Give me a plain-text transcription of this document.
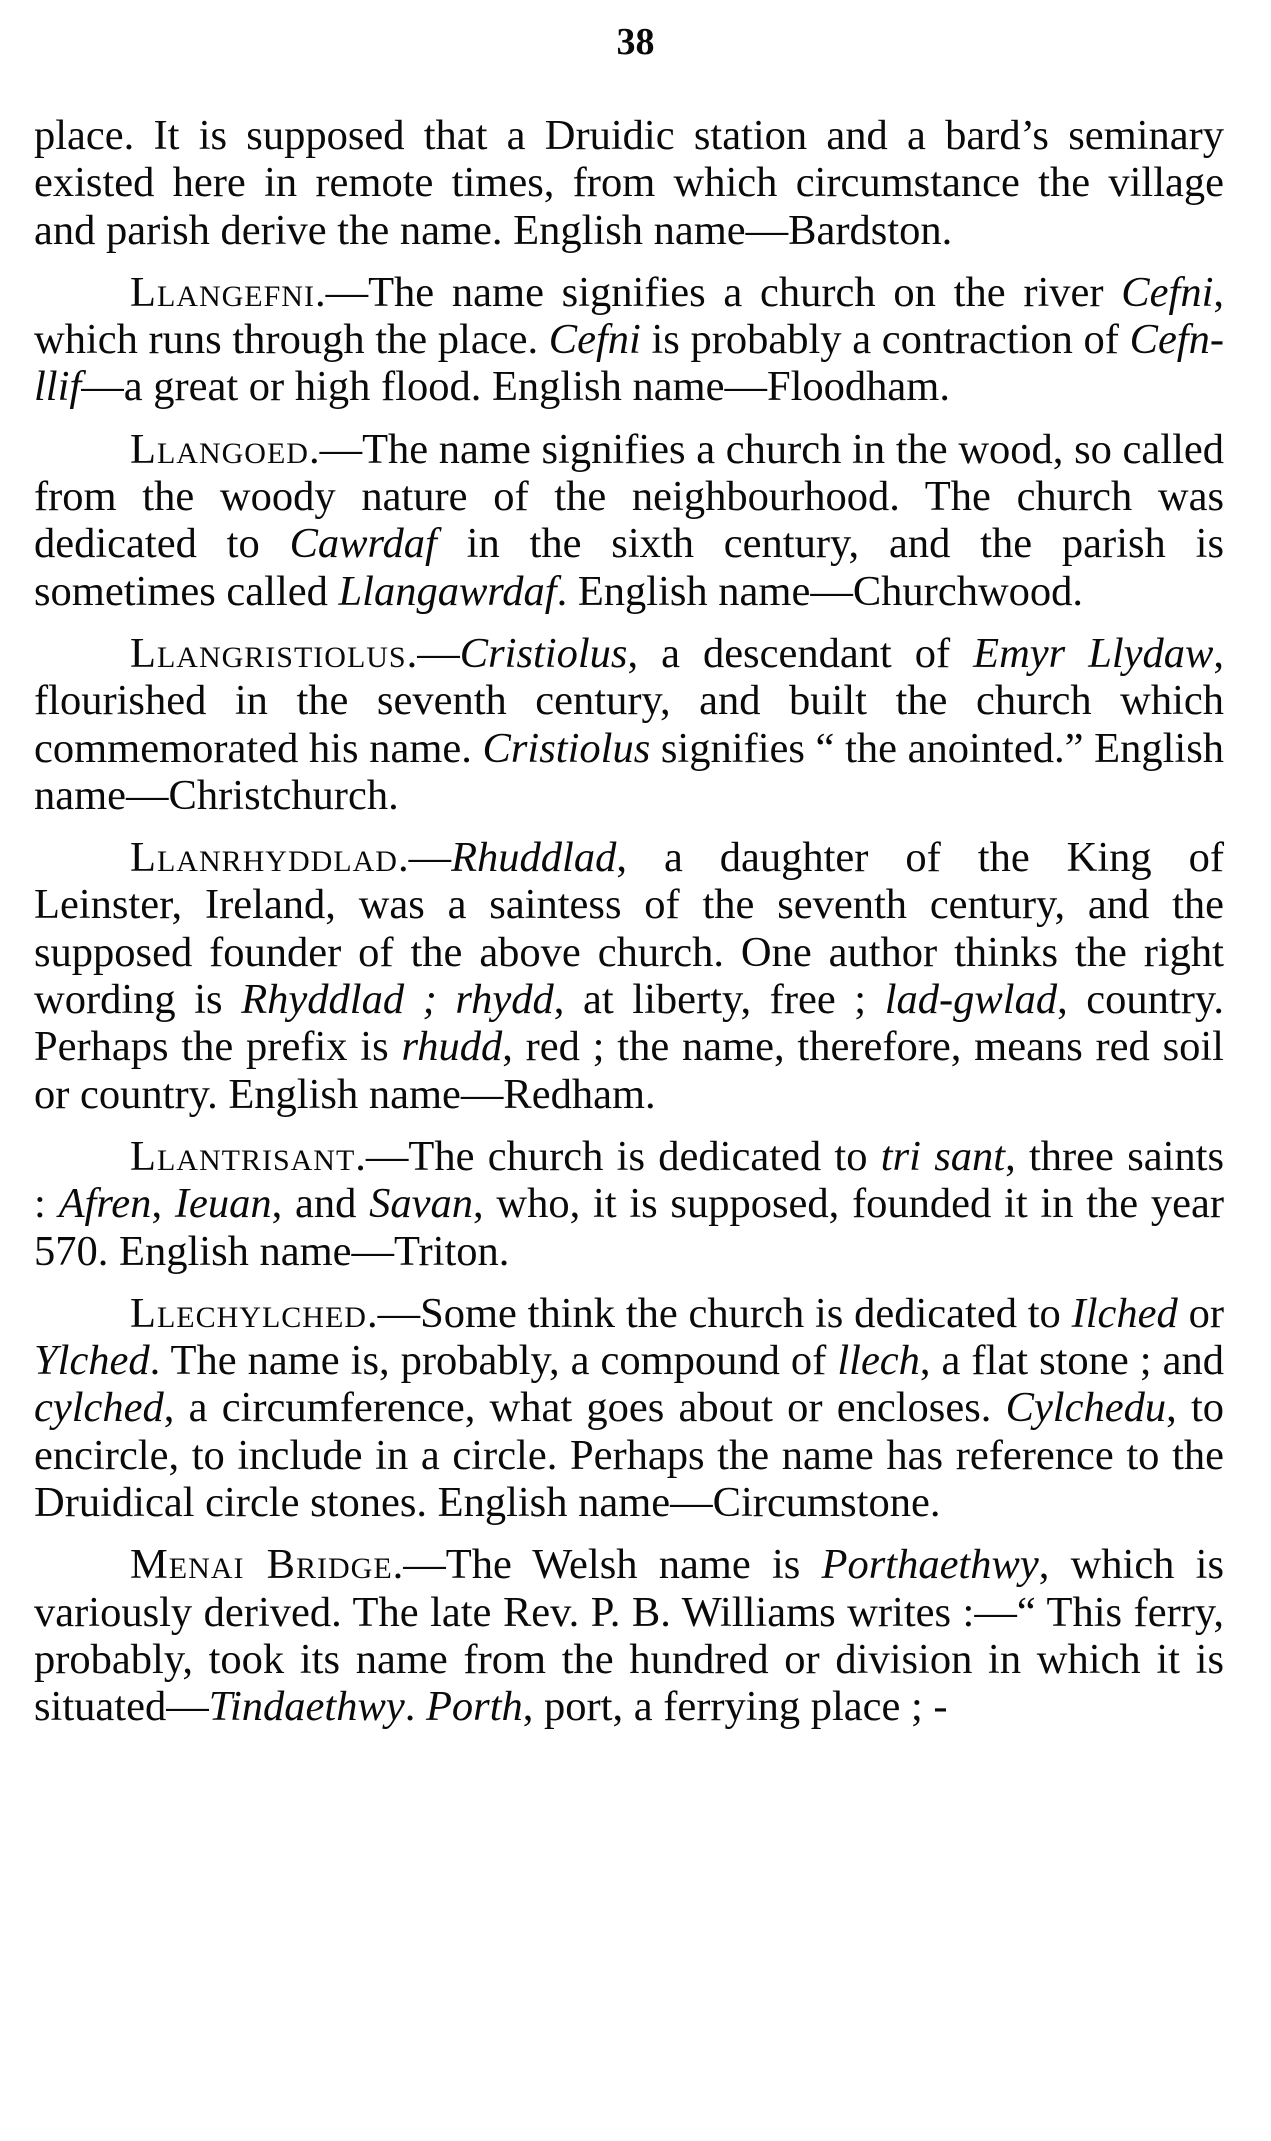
38

place. It is supposed that a Druidic station and a bard’s seminary existed here in remote times, from which circumstance the village and parish derive the name. English name—Bardston.

Llangefni.—The name signifies a church on the river Cefni, which runs through the place. Cefni is probably a contraction of Cefn-llif—a great or high flood. English name—Floodham.

Llangoed.—The name signifies a church in the wood, so called from the woody nature of the neighbourhood. The church was dedicated to Cawrdaf in the sixth century, and the parish is sometimes called Llangawrdaf. English name—Churchwood.

Llangristiolus.—Cristiolus, a descendant of Emyr Llydaw, flourished in the seventh century, and built the church which commemorated his name. Cristiolus signifies “ the anointed.” English name—Christchurch.

Llanrhyddlad.—Rhuddlad, a daughter of the King of Leinster, Ireland, was a saintess of the seventh century, and the supposed founder of the above church. One author thinks the right wording is Rhyddlad ; rhydd, at liberty, free ; lad-gwlad, country. Perhaps the prefix is rhudd, red ; the name, therefore, means red soil or country. English name—Redham.

Llantrisant.—The church is dedicated to tri sant, three saints : Afren, Ieuan, and Savan, who, it is supposed, founded it in the year 570. English name—Triton.

Llechylched.—Some think the church is dedicated to Ilched or Ylched. The name is, probably, a compound of llech, a flat stone ; and cylched, a circumference, what goes about or encloses. Cylchedu, to encircle, to include in a circle. Perhaps the name has reference to the Druidical circle stones. English name—Circumstone.

Menai Bridge.—The Welsh name is Porthaethwy, which is variously derived. The late Rev. P. B. Williams writes :—“ This ferry, probably, took its name from the hundred or division in which it is situated—Tindaethwy. Porth, port, a ferrying place ; -
